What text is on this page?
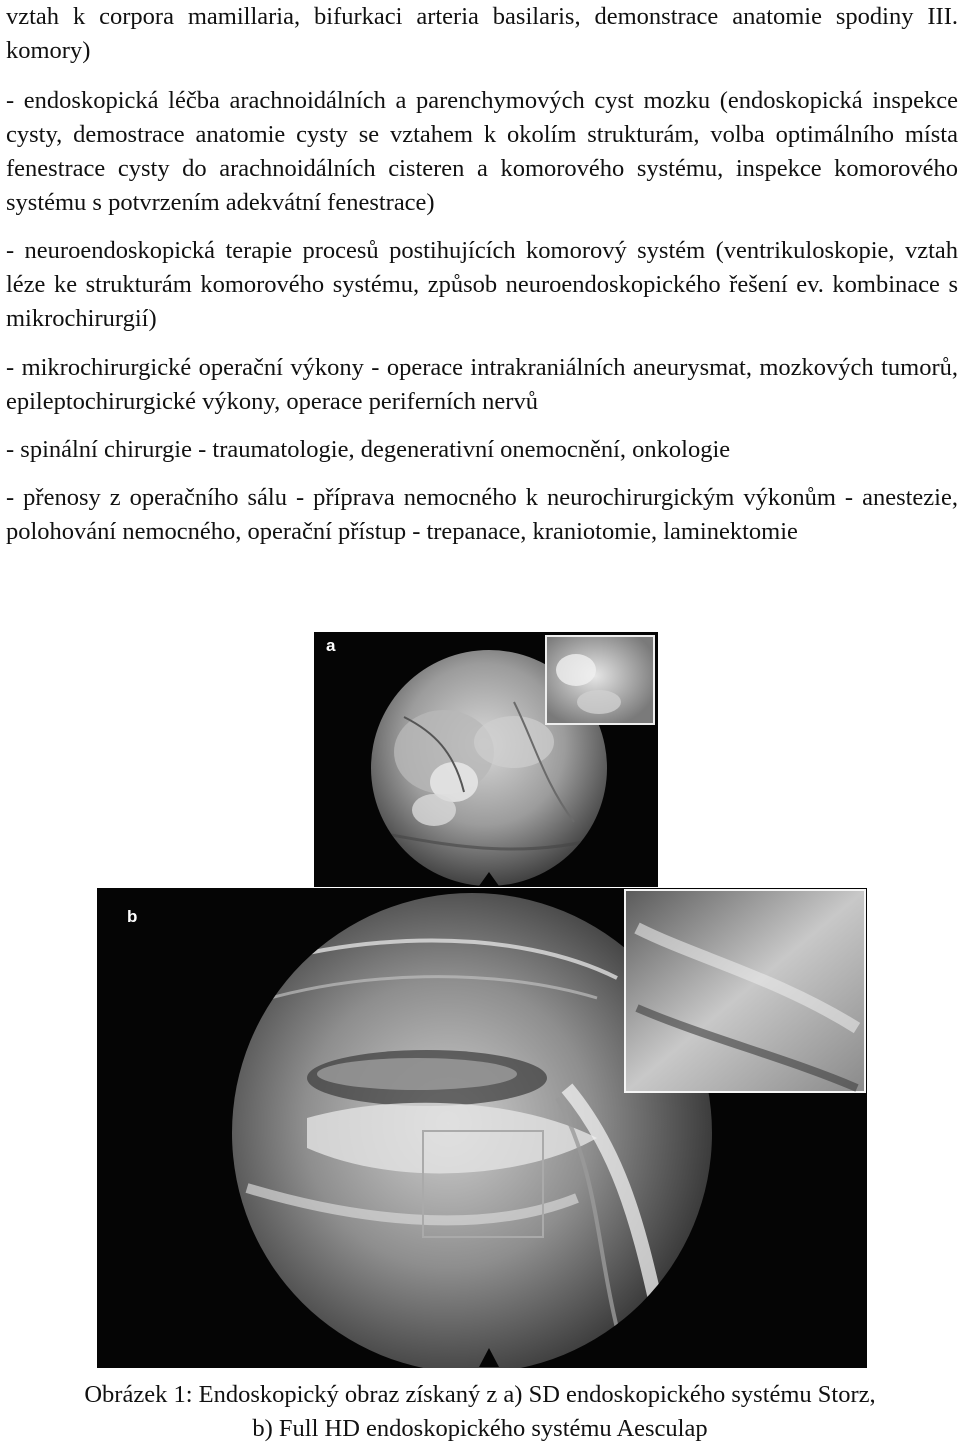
vztah k corpora mamillaria, bifurkaci arteria basilaris, demonstrace anatomie spodiny III. komory)

- endoskopická léčba arachnoidálních a parenchymových cyst mozku (endoskopická inspekce cysty, demostrace anatomie cysty se vztahem k okolím strukturám, volba optimálního místa fenestrace cysty do arachnoidálních cisteren a komorového systému, inspekce komorového systému s potvrzením adekvátní fenestrace)

- neuroendoskopická terapie procesů postihujících komorový systém (ventrikuloskopie, vztah léze ke strukturám komorového systému, způsob neuroendoskopického řešení ev. kombinace s mikrochirurgií)

- mikrochirurgické operační výkony - operace intrakraniálních aneurysmat, mozkových tumorů, epileptochirurgické výkony, operace periferních nervů

- spinální chirurgie - traumatologie, degenerativní onemocnění, onkologie

- přenosy z operačního sálu - příprava nemocného k neurochirurgickým výkonům - anestezie, polohování nemocného, operační přístup - trepanace, kraniotomie, laminektomie

a
b

Obrázek 1: Endoskopický obraz získaný z a) SD endoskopického systému Storz,

b) Full HD endoskopického systému Aesculap
